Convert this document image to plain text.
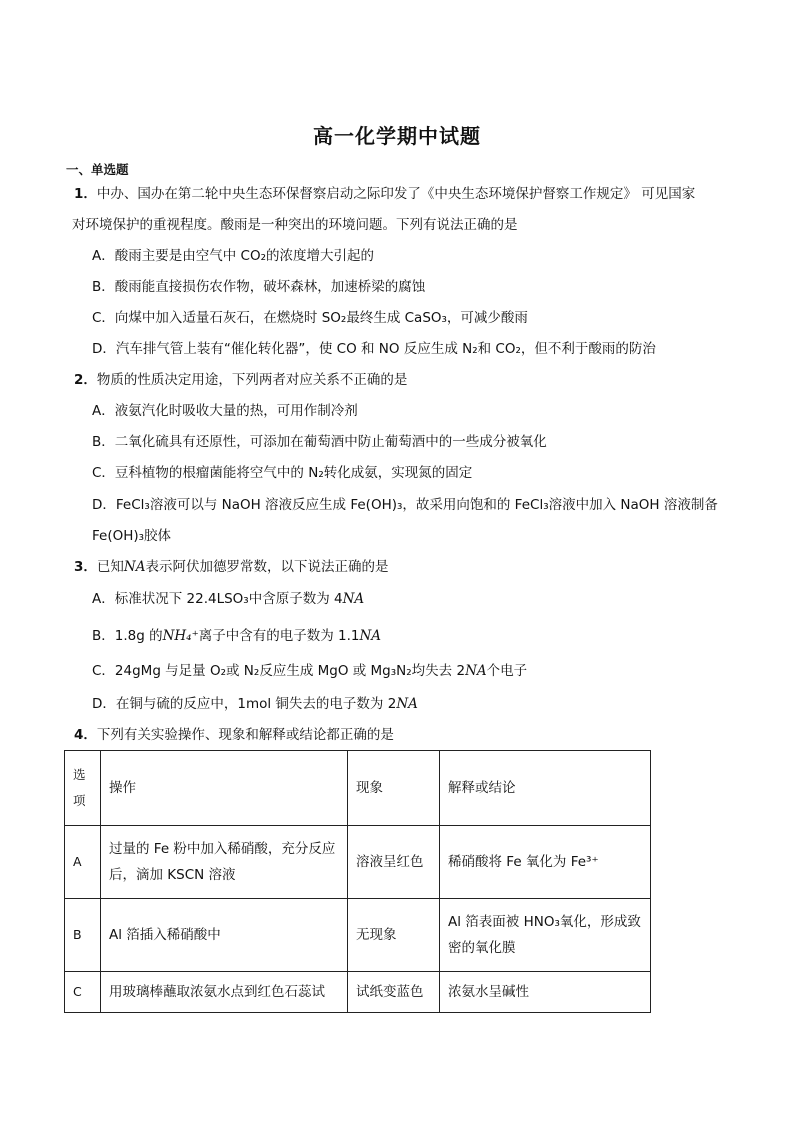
高一化学期中试题
一、单选题
1．中办、国办在第二轮中央生态环保督察启动之际印发了《中央生态环境保护督察工作规定》 可见国家
对环境保护的重视程度。酸雨是一种突出的环境问题。下列有说法正确的是
A．酸雨主要是由空气中 CO₂的浓度增大引起的
B．酸雨能直接损伤农作物，破坏森林，加速桥梁的腐蚀
C．向煤中加入适量石灰石，在燃烧时 SO₂最终生成 CaSO₃，可减少酸雨
D．汽车排气管上装有“催化转化器”，使 CO 和 NO 反应生成 N₂和 CO₂，但不利于酸雨的防治
2．物质的性质决定用途，下列两者对应关系不正确的是
A．液氨汽化时吸收大量的热，可用作制冷剂
B．二氧化硫具有还原性，可添加在葡萄酒中防止葡萄酒中的一些成分被氧化
C．豆科植物的根瘤菌能将空气中的 N₂转化成氨，实现氮的固定
D．FeCl₃溶液可以与 NaOH 溶液反应生成 Fe(OH)₃，故采用向饱和的 FeCl₃溶液中加入 NaOH 溶液制备
Fe(OH)₃胶体
3．已知NA表示阿伏加德罗常数，以下说法正确的是
A．标准状况下 22.4LSO₃中含原子数为 4NA
B．1.8g 的NH₄⁺离子中含有的电子数为 1.1NA
C．24gMg 与足量 O₂或 N₂反应生成 MgO 或 Mg₃N₂均失去 2NA个电子
D．在铜与硫的反应中，1mol 铜失去的电子数为 2NA
4．下列有关实验操作、现象和解释或结论都正确的是
选
项	操作	现象	解释或结论
A	过量的 Fe 粉中加入稀硝酸，充分反应
后，滴加 KSCN 溶液	溶液呈红色	稀硝酸将 Fe 氧化为 Fe³⁺
B	Al 箔插入稀硝酸中	无现象	Al 箔表面被 HNO₃氧化，形成致
密的氧化膜

C	用玻璃棒蘸取浓氨水点到红色石蕊试	试纸变蓝色	浓氨水呈碱性
